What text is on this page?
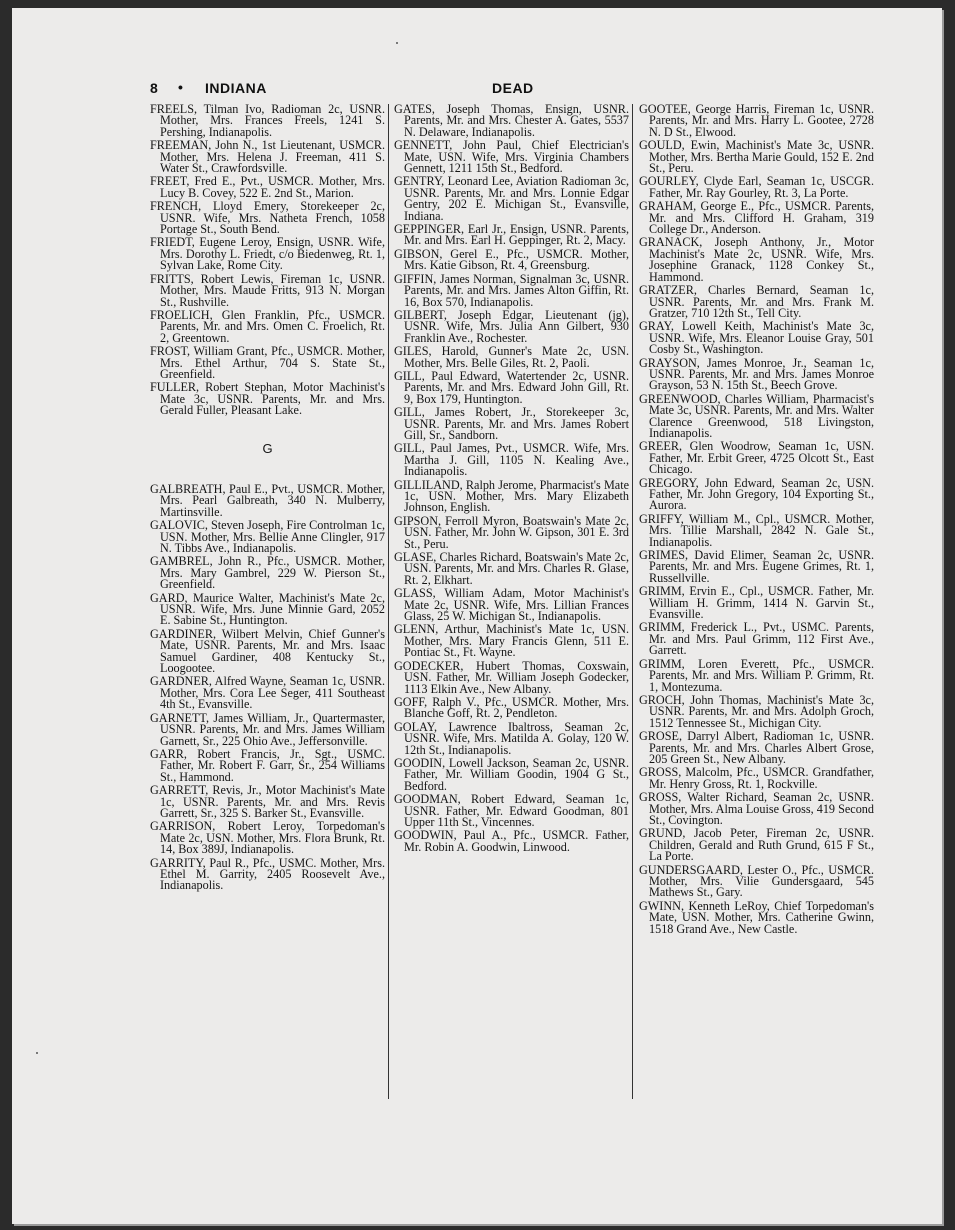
8 • INDIANA	DEAD

FREELS, Tilman Ivo, Radioman 2c, USNR. Mother, Mrs. Frances Freels, 1241 S. Pershing, Indianapolis.

FREEMAN, John N., 1st Lieutenant, USMCR. Mother, Mrs. Helena J. Freeman, 411 S. Water St., Crawfordsville.

FREET, Fred E., Pvt., USMCR. Mother, Mrs. Lucy B. Covey, 522 E. 2nd St., Marion.

FRENCH, Lloyd Emery, Storekeeper 2c, USNR. Wife, Mrs. Natheta French, 1058 Portage St., South Bend.

FRIEDT, Eugene Leroy, Ensign, USNR. Wife, Mrs. Dorothy L. Friedt, c/o Biedenweg, Rt. 1, Sylvan Lake, Rome City.

FRITTS, Robert Lewis, Fireman 1c, USNR. Mother, Mrs. Maude Fritts, 913 N. Morgan St., Rushville.

FROELICH, Glen Franklin, Pfc., USMCR. Parents, Mr. and Mrs. Omen C. Froelich, Rt. 2, Greentown.

FROST, William Grant, Pfc., USMCR. Mother, Mrs. Ethel Arthur, 704 S. State St., Greenfield.

FULLER, Robert Stephan, Motor Machinist's Mate 3c, USNR. Parents, Mr. and Mrs. Gerald Fuller, Pleasant Lake.

G

GALBREATH, Paul E., Pvt., USMCR. Mother, Mrs. Pearl Galbreath, 340 N. Mulberry, Martinsville.

GALOVIC, Steven Joseph, Fire Controlman 1c, USN. Mother, Mrs. Bellie Anne Clingler, 917 N. Tibbs Ave., Indianapolis.

GAMBREL, John R., Pfc., USMCR. Mother, Mrs. Mary Gambrel, 229 W. Pierson St., Greenfield.

GARD, Maurice Walter, Machinist's Mate 2c, USNR. Wife, Mrs. June Minnie Gard, 2052 E. Sabine St., Huntington.

GARDINER, Wilbert Melvin, Chief Gunner's Mate, USNR. Parents, Mr. and Mrs. Isaac Samuel Gardiner, 408 Kentucky St., Loogootee.

GARDNER, Alfred Wayne, Seaman 1c, USNR. Mother, Mrs. Cora Lee Seger, 411 Southeast 4th St., Evansville.

GARNETT, James William, Jr., Quartermaster, USNR. Parents, Mr. and Mrs. James William Garnett, Sr., 225 Ohio Ave., Jeffersonville.

GARR, Robert Francis, Jr., Sgt., USMC. Father, Mr. Robert F. Garr, Sr., 254 Williams St., Hammond.

GARRETT, Revis, Jr., Motor Machinist's Mate 1c, USNR. Parents, Mr. and Mrs. Revis Garrett, Sr., 325 S. Barker St., Evansville.

GARRISON, Robert Leroy, Torpedoman's Mate 2c, USN. Mother, Mrs. Flora Brunk, Rt. 14, Box 389J, Indianapolis.

GARRITY, Paul R., Pfc., USMC. Mother, Mrs. Ethel M. Garrity, 2405 Roosevelt Ave., Indianapolis.

GATES, Joseph Thomas, Ensign, USNR. Parents, Mr. and Mrs. Chester A. Gates, 5537 N. Delaware, Indianapolis.

GENNETT, John Paul, Chief Electrician's Mate, USN. Wife, Mrs. Virginia Chambers Gennett, 1211 15th St., Bedford.

GENTRY, Leonard Lee, Aviation Radioman 3c, USNR. Parents, Mr. and Mrs. Lonnie Edgar Gentry, 202 E. Michigan St., Evansville, Indiana.

GEPPINGER, Earl Jr., Ensign, USNR. Parents, Mr. and Mrs. Earl H. Geppinger, Rt. 2, Macy.

GIBSON, Gerel E., Pfc., USMCR. Mother, Mrs. Katie Gibson, Rt. 4, Greensburg.

GIFFIN, James Norman, Signalman 3c, USNR. Parents, Mr. and Mrs. James Alton Giffin, Rt. 16, Box 570, Indianapolis.

GILBERT, Joseph Edgar, Lieutenant (jg), USNR. Wife, Mrs. Julia Ann Gilbert, 930 Franklin Ave., Rochester.

GILES, Harold, Gunner's Mate 2c, USN. Mother, Mrs. Belle Giles, Rt. 2, Paoli.

GILL, Paul Edward, Watertender 2c, USNR. Parents, Mr. and Mrs. Edward John Gill, Rt. 9, Box 179, Huntington.

GILL, James Robert, Jr., Storekeeper 3c, USNR. Parents, Mr. and Mrs. James Robert Gill, Sr., Sandborn.

GILL, Paul James, Pvt., USMCR. Wife, Mrs. Martha J. Gill, 1105 N. Kealing Ave., Indianapolis.

GILLILAND, Ralph Jerome, Pharmacist's Mate 1c, USN. Mother, Mrs. Mary Elizabeth Johnson, English.

GIPSON, Ferroll Myron, Boatswain's Mate 2c, USN. Father, Mr. John W. Gipson, 301 E. 3rd St., Peru.

GLASE, Charles Richard, Boatswain's Mate 2c, USN. Parents, Mr. and Mrs. Charles R. Glase, Rt. 2, Elkhart.

GLASS, William Adam, Motor Machinist's Mate 2c, USNR. Wife, Mrs. Lillian Frances Glass, 25 W. Michigan St., Indianapolis.

GLENN, Arthur, Machinist's Mate 1c, USN. Mother, Mrs. Mary Francis Glenn, 511 E. Pontiac St., Ft. Wayne.

GODECKER, Hubert Thomas, Coxswain, USN. Father, Mr. William Joseph Godecker, 1113 Elkin Ave., New Albany.

GOFF, Ralph V., Pfc., USMCR. Mother, Mrs. Blanche Goff, Rt. 2, Pendleton.

GOLAY, Lawrence Ibaltross, Seaman 2c, USNR. Wife, Mrs. Matilda A. Golay, 120 W. 12th St., Indianapolis.

GOODIN, Lowell Jackson, Seaman 2c, USNR. Father, Mr. William Goodin, 1904 G St., Bedford.

GOODMAN, Robert Edward, Seaman 1c, USNR. Father, Mr. Edward Goodman, 801 Upper 11th St., Vincennes.

GOODWIN, Paul A., Pfc., USMCR. Father, Mr. Robin A. Goodwin, Linwood.

GOOTEE, George Harris, Fireman 1c, USNR. Parents, Mr. and Mrs. Harry L. Gootee, 2728 N. D St., Elwood.

GOULD, Ewin, Machinist's Mate 3c, USNR. Mother, Mrs. Bertha Marie Gould, 152 E. 2nd St., Peru.

GOURLEY, Clyde Earl, Seaman 1c, USCGR. Father, Mr. Ray Gourley, Rt. 3, La Porte.

GRAHAM, George E., Pfc., USMCR. Parents, Mr. and Mrs. Clifford H. Graham, 319 College Dr., Anderson.

GRANACK, Joseph Anthony, Jr., Motor Machinist's Mate 2c, USNR. Wife, Mrs. Josephine Granack, 1128 Conkey St., Hammond.

GRATZER, Charles Bernard, Seaman 1c, USNR. Parents, Mr. and Mrs. Frank M. Gratzer, 710 12th St., Tell City.

GRAY, Lowell Keith, Machinist's Mate 3c, USNR. Wife, Mrs. Eleanor Louise Gray, 501 Cosby St., Washington.

GRAYSON, James Monroe, Jr., Seaman 1c, USNR. Parents, Mr. and Mrs. James Monroe Grayson, 53 N. 15th St., Beech Grove.

GREENWOOD, Charles William, Pharmacist's Mate 3c, USNR. Parents, Mr. and Mrs. Walter Clarence Greenwood, 518 Livingston, Indianapolis.

GREER, Glen Woodrow, Seaman 1c, USN. Father, Mr. Erbit Greer, 4725 Olcott St., East Chicago.

GREGORY, John Edward, Seaman 2c, USN. Father, Mr. John Gregory, 104 Exporting St., Aurora.

GRIFFY, William M., Cpl., USMCR. Mother, Mrs. Tillie Marshall, 2842 N. Gale St., Indianapolis.

GRIMES, David Elimer, Seaman 2c, USNR. Parents, Mr. and Mrs. Eugene Grimes, Rt. 1, Russellville.

GRIMM, Ervin E., Cpl., USMCR. Father, Mr. William H. Grimm, 1414 N. Garvin St., Evansville.

GRIMM, Frederick L., Pvt., USMC. Parents, Mr. and Mrs. Paul Grimm, 112 First Ave., Garrett.

GRIMM, Loren Everett, Pfc., USMCR. Parents, Mr. and Mrs. William P. Grimm, Rt. 1, Montezuma.

GROCH, John Thomas, Machinist's Mate 3c, USNR. Parents, Mr. and Mrs. Adolph Groch, 1512 Tennessee St., Michigan City.

GROSE, Darryl Albert, Radioman 1c, USNR. Parents, Mr. and Mrs. Charles Albert Grose, 205 Green St., New Albany.

GROSS, Malcolm, Pfc., USMCR. Grandfather, Mr. Henry Gross, Rt. 1, Rockville.

GROSS, Walter Richard, Seaman 2c, USNR. Mother, Mrs. Alma Louise Gross, 419 Second St., Covington.

GRUND, Jacob Peter, Fireman 2c, USNR. Children, Gerald and Ruth Grund, 615 F St., La Porte.

GUNDERSGAARD, Lester O., Pfc., USMCR. Mother, Mrs. Vilie Gundersgaard, 545 Mathews St., Gary.

GWINN, Kenneth LeRoy, Chief Torpedoman's Mate, USN. Mother, Mrs. Catherine Gwinn, 1518 Grand Ave., New Castle.
